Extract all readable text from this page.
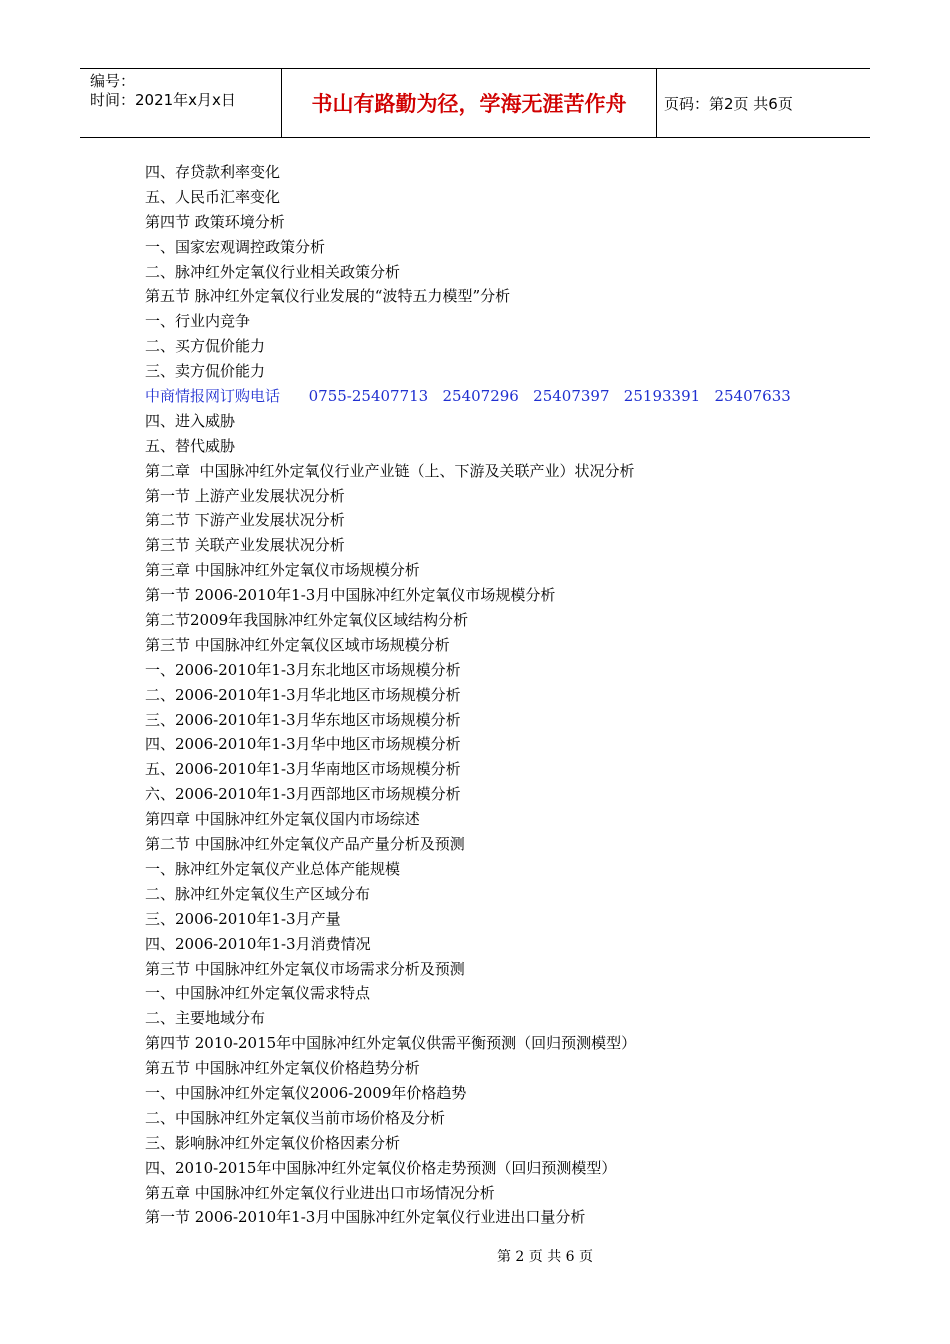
编号：
时间：2021年x月x日	书山有路勤为径，学海无涯苦作舟	页码：第2页 共6页
四、存贷款利率变化
五、人民币汇率变化
第四节 政策环境分析
一、国家宏观调控政策分析
二、脉冲红外定氧仪行业相关政策分析
第五节 脉冲红外定氧仪行业发展的“波特五力模型”分析
一、行业内竞争
二、买方侃价能力
三、卖方侃价能力
中商情报网订购电话      0755-25407713   25407296   25407397   25193391   25407633
四、进入威胁
五、替代威胁
第二章  中国脉冲红外定氧仪行业产业链（上、下游及关联产业）状况分析
第一节 上游产业发展状况分析
第二节 下游产业发展状况分析
第三节 关联产业发展状况分析
第三章 中国脉冲红外定氧仪市场规模分析
第一节 2006-2010年1-3月中国脉冲红外定氧仪市场规模分析
第二节2009年我国脉冲红外定氧仪区域结构分析
第三节 中国脉冲红外定氧仪区域市场规模分析
一、2006-2010年1-3月东北地区市场规模分析
二、2006-2010年1-3月华北地区市场规模分析
三、2006-2010年1-3月华东地区市场规模分析
四、2006-2010年1-3月华中地区市场规模分析
五、2006-2010年1-3月华南地区市场规模分析
六、2006-2010年1-3月西部地区市场规模分析
第四章 中国脉冲红外定氧仪国内市场综述
第二节 中国脉冲红外定氧仪产品产量分析及预测
一、脉冲红外定氧仪产业总体产能规模
二、脉冲红外定氧仪生产区域分布
三、2006-2010年1-3月产量
四、2006-2010年1-3月消费情况
第三节 中国脉冲红外定氧仪市场需求分析及预测
一、中国脉冲红外定氧仪需求特点
二、主要地域分布
第四节 2010-2015年中国脉冲红外定氧仪供需平衡预测（回归预测模型）
第五节 中国脉冲红外定氧仪价格趋势分析
一、中国脉冲红外定氧仪2006-2009年价格趋势
二、中国脉冲红外定氧仪当前市场价格及分析
三、影响脉冲红外定氧仪价格因素分析
四、2010-2015年中国脉冲红外定氧仪价格走势预测（回归预测模型）
第五章 中国脉冲红外定氧仪行业进出口市场情况分析
第一节 2006-2010年1-3月中国脉冲红外定氧仪行业进出口量分析
第 2 页 共 6 页
